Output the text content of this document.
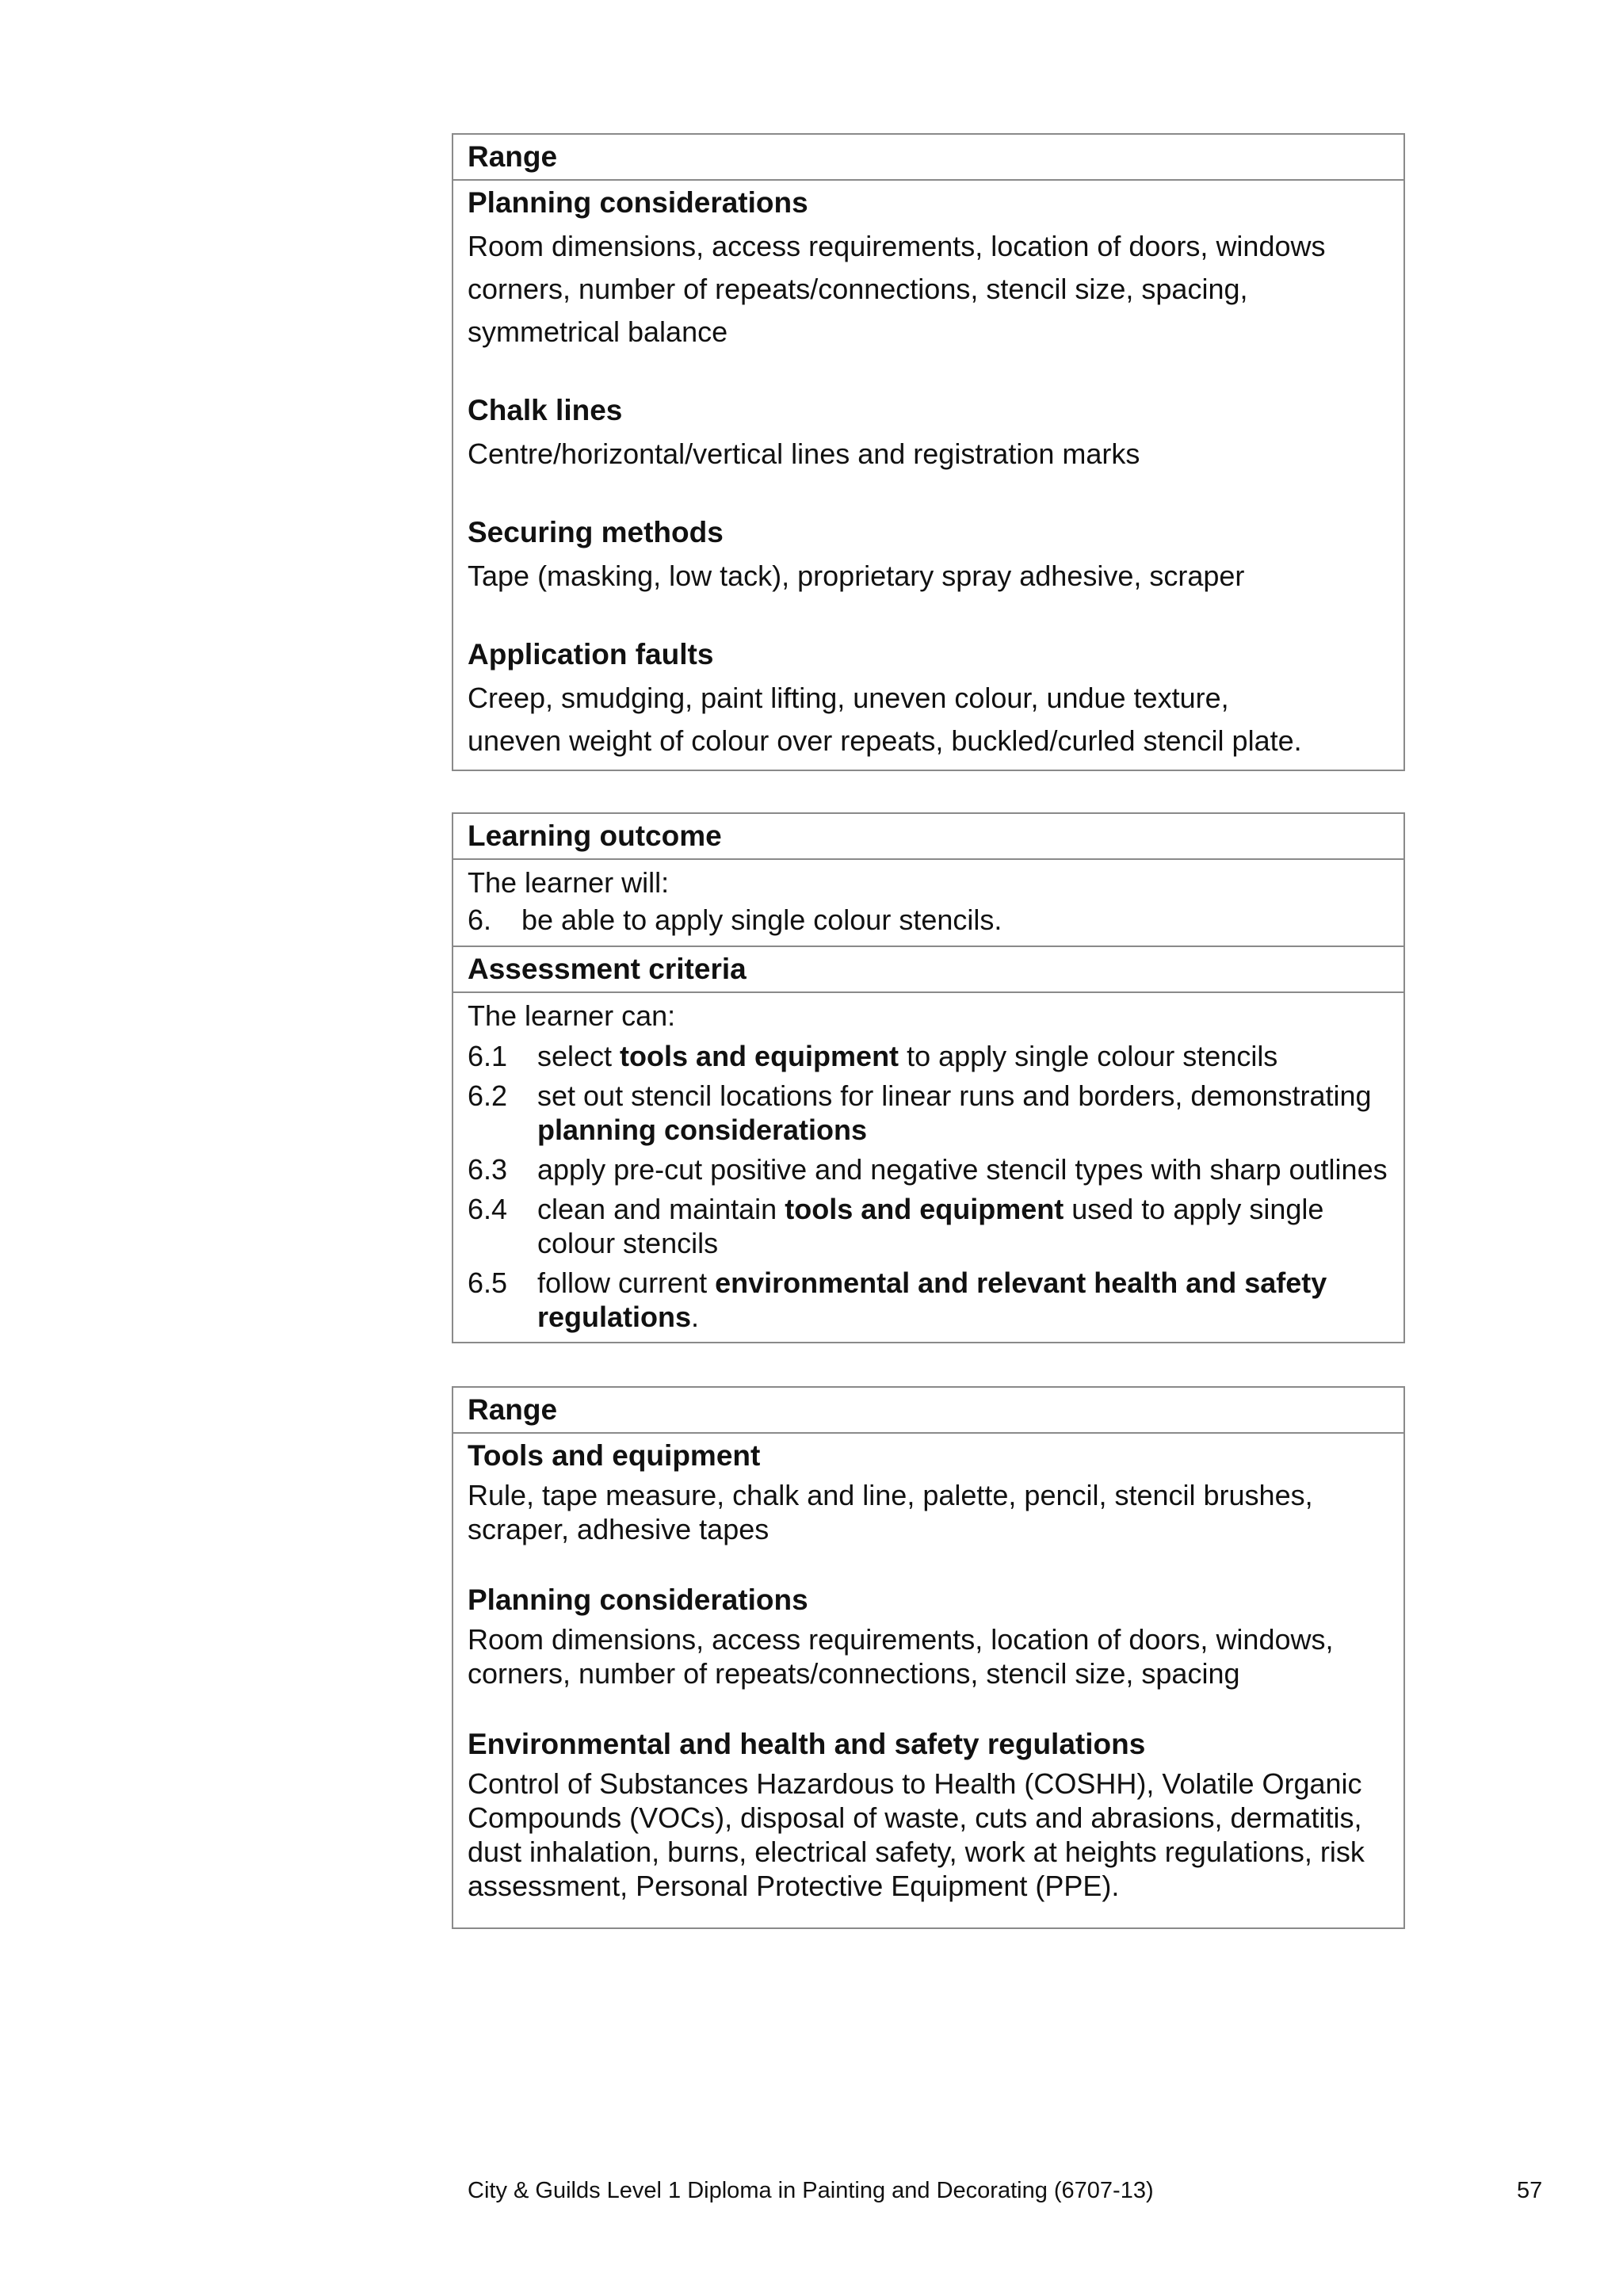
Range
Planning considerations
Room dimensions, access requirements, location of doors, windows
corners, number of repeats/connections, stencil size, spacing,
symmetrical balance
Chalk lines
Centre/horizontal/vertical lines and registration marks
Securing methods
Tape (masking, low tack), proprietary spray adhesive, scraper
Application faults
Creep, smudging, paint lifting, uneven colour, undue texture,
uneven weight of colour over repeats, buckled/curled stencil plate.
Learning outcome
The learner will:
6.	be able to apply single colour stencils.
Assessment criteria
The learner can:
6.1	select tools and equipment to apply single colour stencils
6.2	set out stencil locations for linear runs and borders, demonstrating planning considerations
6.3	apply pre-cut positive and negative stencil types with sharp outlines
6.4	clean and maintain tools and equipment used to apply single colour stencils
6.5	follow current environmental and relevant health and safety regulations.
Range
Tools and equipment
Rule, tape measure, chalk and line, palette, pencil, stencil brushes,
scraper, adhesive tapes
Planning considerations
Room dimensions, access requirements, location of doors, windows,
corners, number of repeats/connections, stencil size, spacing
Environmental and health and safety regulations
Control of Substances Hazardous to Health (COSHH), Volatile Organic
Compounds (VOCs), disposal of waste, cuts and abrasions, dermatitis,
dust inhalation, burns, electrical safety, work at heights regulations, risk
assessment, Personal Protective Equipment (PPE).
City & Guilds Level 1 Diploma in Painting and Decorating (6707-13)	57
